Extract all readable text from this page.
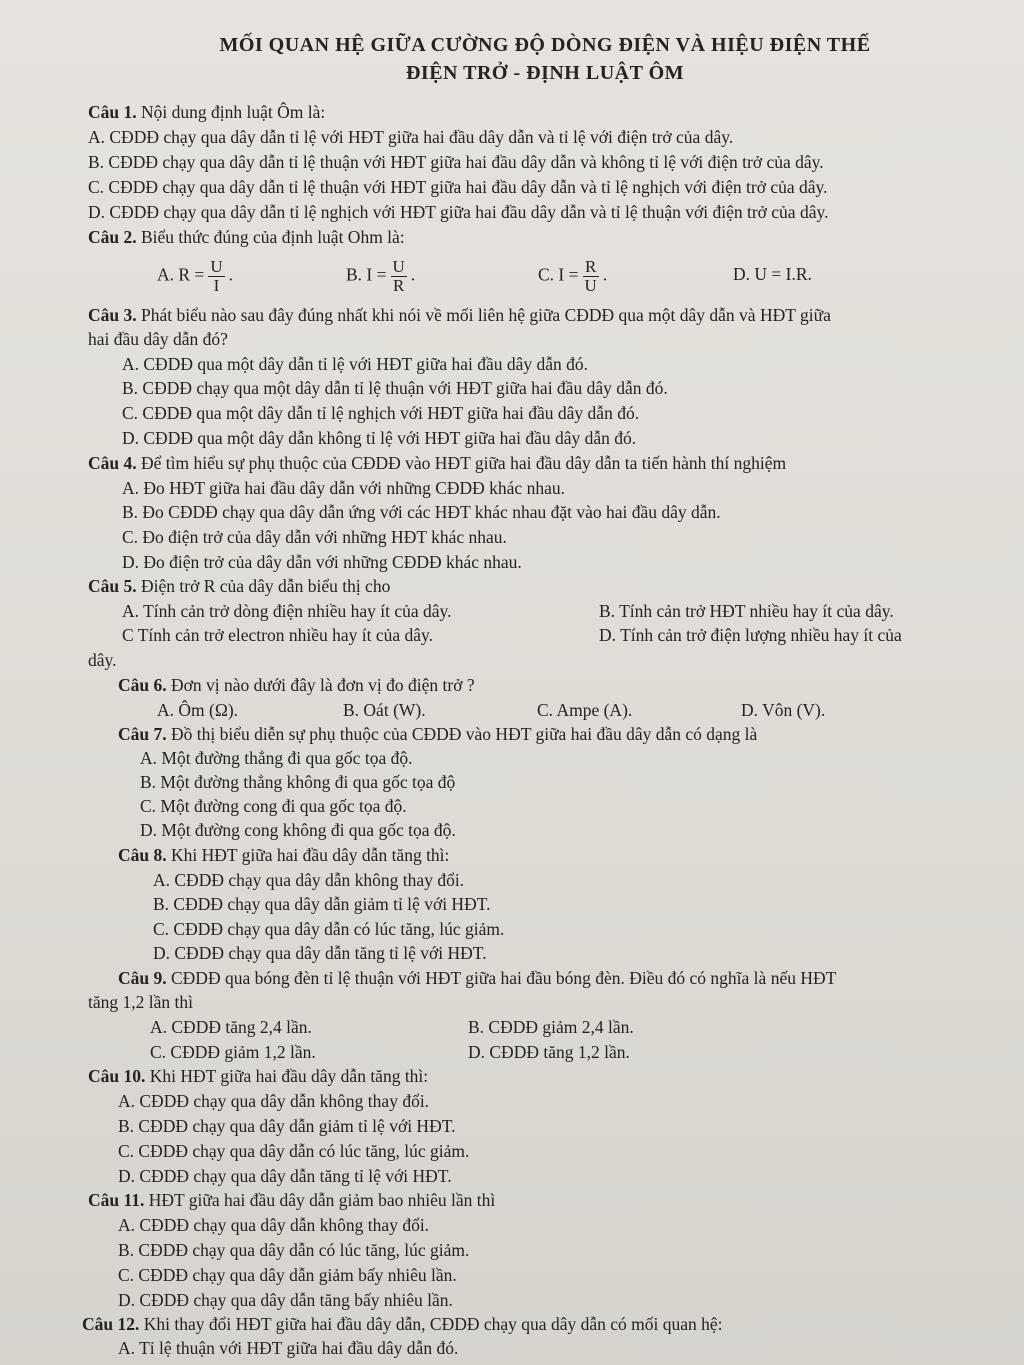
MỐI QUAN HỆ GIỮA CƯỜNG ĐỘ DÒNG ĐIỆN VÀ HIỆU ĐIỆN THẾ
ĐIỆN TRỞ - ĐỊNH LUẬT ÔM
Câu 1. Nội dung định luật Ôm là:
A. CĐDĐ chạy qua dây dẫn tỉ lệ với HĐT giữa hai đầu dây dẫn và tỉ lệ với điện trở của dây.
B. CĐDĐ chạy qua dây dẫn tỉ lệ thuận với HĐT giữa hai đầu dây dẫn và không tỉ lệ với điện trở của dây.
C. CĐDĐ chạy qua dây dẫn tỉ lệ thuận với HĐT giữa hai đầu dây dẫn và tỉ lệ nghịch với điện trở của dây.
D. CĐDĐ chạy qua dây dẫn tỉ lệ nghịch với HĐT giữa hai đầu dây dẫn và tỉ lệ thuận với điện trở của dây.
Câu 2. Biểu thức đúng của định luật Ohm là:
A. $R = \frac{U}{I}$ .	B. $I = \frac{U}{R}$ .	C. $I = \frac{R}{U}$ .	D. U = I.R.
Câu 3. Phát biểu nào sau đây đúng nhất khi nói về mối liên hệ giữa CĐDĐ qua một dây dẫn và HĐT giữa
hai đầu dây dẫn đó?
A. CĐDĐ qua một dây dẫn tỉ lệ với HĐT giữa hai đầu dây dẫn đó.
B. CĐDĐ chạy qua một dây dẫn tỉ lệ thuận với HĐT giữa hai đầu dây dẫn đó.
C. CĐDĐ qua một dây dẫn tỉ lệ nghịch với HĐT giữa hai đầu dây dẫn đó.
D. CĐDĐ qua một dây dẫn không tỉ lệ với HĐT giữa hai đầu dây dẫn đó.
Câu 4. Để tìm hiểu sự phụ thuộc của CĐDĐ vào HĐT giữa hai đầu dây dẫn ta tiến hành thí nghiệm
A. Đo HĐT giữa hai đầu dây dẫn với những CĐDĐ khác nhau.
B. Đo CĐDĐ chạy qua dây dẫn ứng với các HĐT khác nhau đặt vào hai đầu dây dẫn.
C. Đo điện trở của dây dẫn với những HĐT khác nhau.
D. Đo điện trở của dây dẫn với những CĐDĐ khác nhau.
Câu 5. Điện trở R của dây dẫn biểu thị cho
A. Tính cản trở dòng điện nhiều hay ít của dây.	B. Tính cản trở HĐT nhiều hay ít của dây.
C Tính cản trở electron nhiều hay ít của dây.	D. Tính cản trở điện lượng nhiều hay ít của
dây.
Câu 6. Đơn vị nào dưới đây là đơn vị đo điện trở ?
A. Ôm (Ω).	B. Oát (W).	C. Ampe (A).	D. Vôn (V).
Câu 7. Đồ thị biểu diễn sự phụ thuộc của CĐDĐ vào HĐT giữa hai đầu dây dẫn có dạng là
A. Một đường thẳng đi qua gốc tọa độ.
B. Một đường thẳng không đi qua gốc tọa độ
C. Một đường cong đi qua gốc tọa độ.
D. Một đường cong không đi qua gốc tọa độ.
Câu 8. Khi HĐT giữa hai đầu dây dẫn tăng thì:
A. CĐDĐ chạy qua dây dẫn không thay đổi.
B. CĐDĐ chạy qua dây dẫn giảm tỉ lệ với HĐT.
C. CĐDĐ chạy qua dây dẫn có lúc tăng, lúc giảm.
D. CĐDĐ chạy qua dây dẫn tăng tỉ lệ với HĐT.
Câu 9. CĐDĐ qua bóng đèn tỉ lệ thuận với HĐT giữa hai đầu bóng đèn. Điều đó có nghĩa là nếu HĐT
tăng 1,2 lần thì
A. CĐDĐ tăng 2,4 lần.	B. CĐDĐ giảm 2,4 lần.
C. CĐDĐ giảm 1,2 lần.	D. CĐDĐ tăng 1,2 lần.
Câu 10. Khi HĐT giữa hai đầu dây dẫn tăng thì:
A. CĐDĐ chạy qua dây dẫn không thay đổi.
B. CĐDĐ chạy qua dây dẫn giảm tỉ lệ với HĐT.
C. CĐDĐ chạy qua dây dẫn có lúc tăng, lúc giảm.
D. CĐDĐ chạy qua dây dẫn tăng tỉ lệ với HĐT.
Câu 11. HĐT giữa hai đầu dây dẫn giảm bao nhiêu lần thì
A. CĐDĐ chạy qua dây dẫn không thay đổi.
B. CĐDĐ chạy qua dây dẫn có lúc tăng, lúc giảm.
C. CĐDĐ chạy qua dây dẫn giảm bấy nhiêu lần.
D. CĐDĐ chạy qua dây dẫn tăng bấy nhiêu lần.
Câu 12. Khi thay đổi HĐT giữa hai đầu dây dẫn, CĐDĐ chạy qua dây dẫn có mối quan hệ:
A. Tỉ lệ thuận với HĐT giữa hai đầu dây dẫn đó.
